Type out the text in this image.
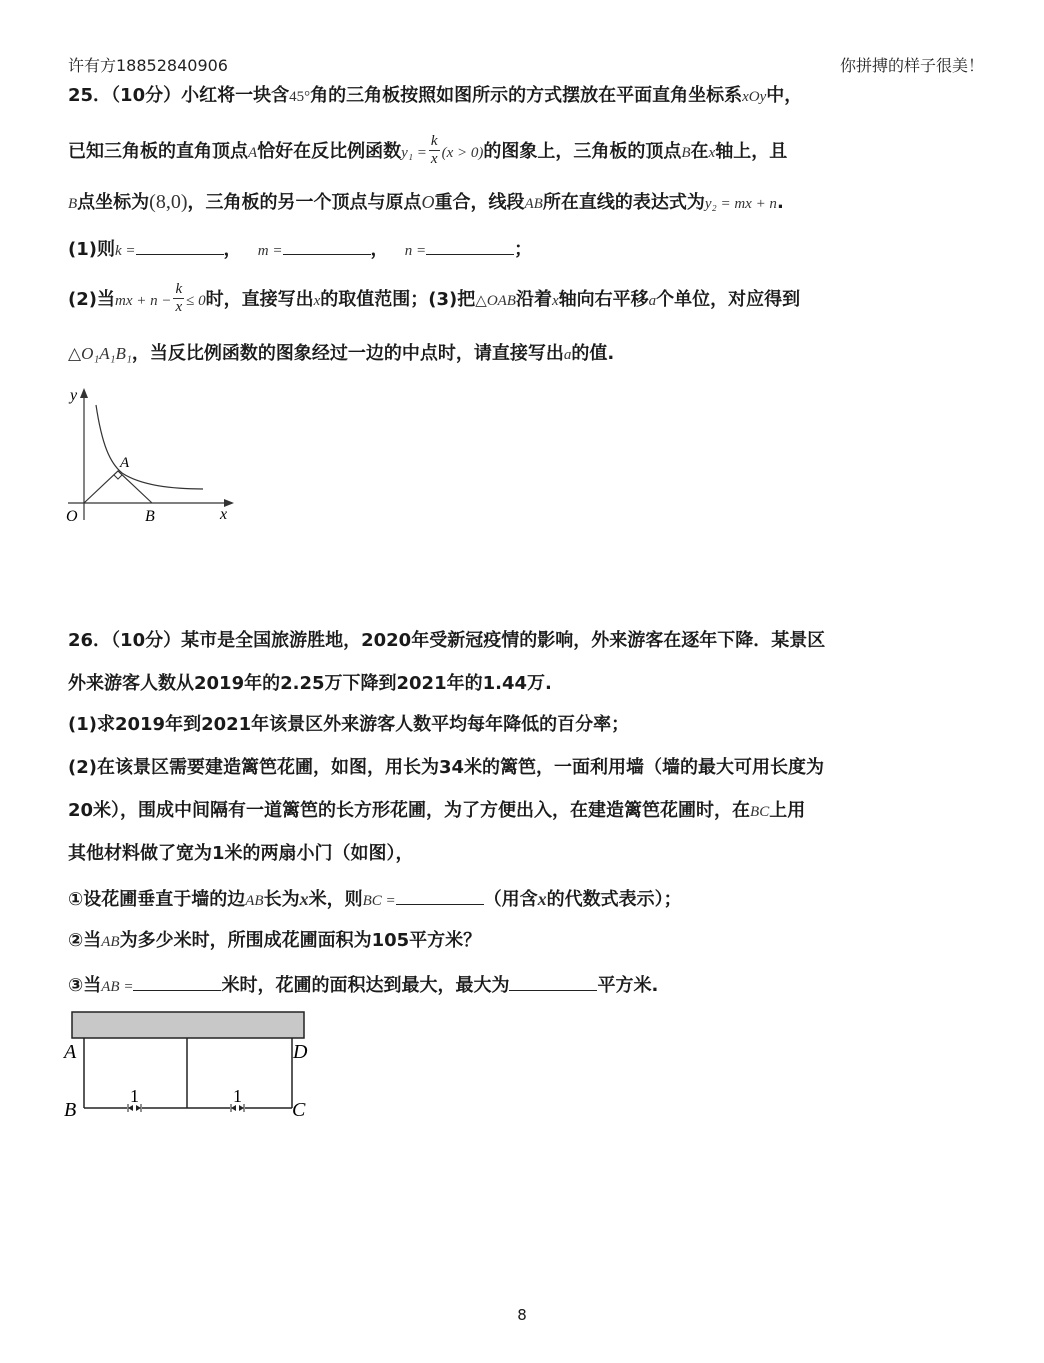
许有方18852840906	你拼搏的样子很美！
25．（10分）小红将一块含45°角的三角板按照如图所示的方式摆放在平面直角坐标系xOy中，
已知三角板的直角顶点A恰好在反比例函数$y_1 = \frac{k}{x} (x > 0)$的图象上，三角板的顶点B在x轴上，且
B点坐标为(8,0)，三角板的另一个顶点与原点O重合，线段AB所在直线的表达式为y₂ = mx + n.
(1)则k =	， m =	， n =	；
(2)当mx + $n - \frac{k}{x} \le 0$时，直接写出x的取值范围；(3)把△OAB沿着x轴向右平移a个单位，对应得到
△O₁A₁B₁，当反比例函数的图象经过一边的中点时，请直接写出a的值.
y
x
O
A
B
26．（10分）某市是全国旅游胜地，2020年受新冠疫情的影响，外来游客在逐年下降．某景区
外来游客人数从2019年的2.25万下降到2021年的1.44万.
(1)求2019年到2021年该景区外来游客人数平均每年降低的百分率；
(2)在该景区需要建造篱笆花圃，如图，用长为34米的篱笆，一面利用墙（墙的最大可用长度为
20米），围成中间隔有一道篱笆的长方形花圃，为了方便出入，在建造篱笆花圃时，在BC上用
其他材料做了宽为1米的两扇小门（如图），
①设花圃垂直于墙的边AB长为x米，则BC =	（用含x的代数式表示）；
②当AB为多少米时，所围成花圃面积为105平方米？
③当AB =	米时，花圃的面积达到最大，最大为	平方米.
1	1
A	D
B	C
8
